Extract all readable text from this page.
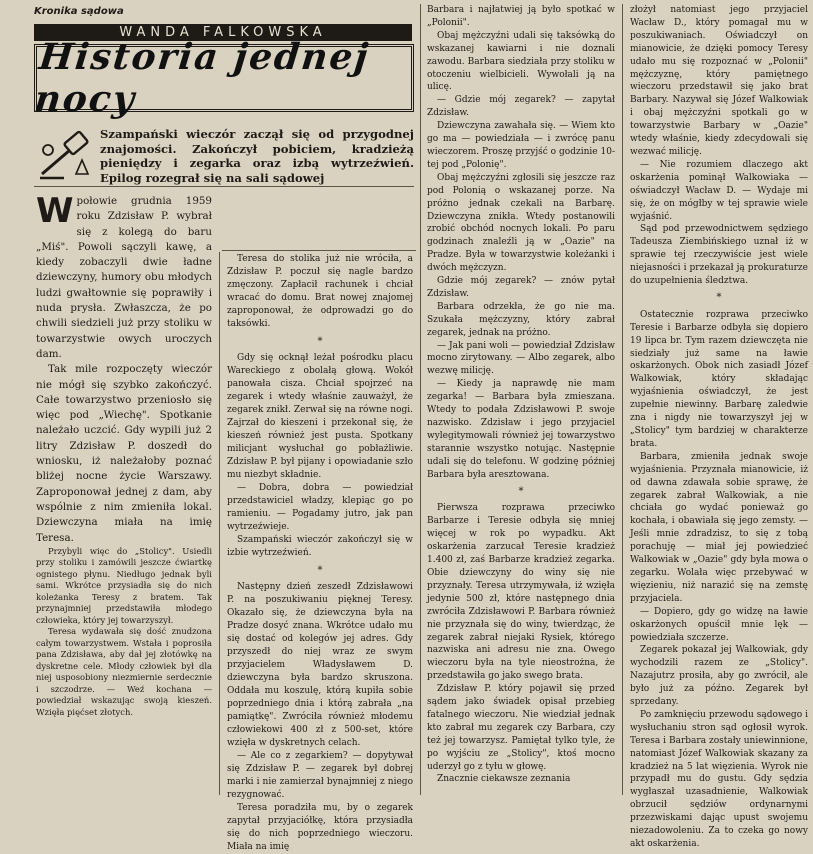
Kronika sądowa
WANDA FALKOWSKA
Historia jednej nocy
Szampański wieczór zaczął się od przygodnej znajomości. Zakończył pobiciem, kradzieżą pieniędzy i zegarka oraz izbą wytrzeźwień. Epilog rozegrał się na sali sądowej

Wpołowie grudnia 1959 roku Zdzisław P. wybrał się z kolegą do baru „Miś". Powoli sączyli kawę, a kiedy zobaczyli dwie ładne dziewczyny, humory obu młodych ludzi gwałtownie się poprawiły i nuda prysła. Zwłaszcza, że po chwili siedzieli już przy stoliku w towarzystwie owych uroczych dam.

Tak mile rozpoczęty wieczór nie mógł się szybko zakończyć. Całe towarzystwo przeniosło się więc pod „Wiechę". Spotkanie należało uczcić. Gdy wypili już 2 litry Zdzisław P. doszedł do wniosku, iż należałoby poznać bliżej nocne życie Warszawy. Zaproponował jednej z dam, aby wspólnie z nim zmieniła lokal. Dziewczyna miała na imię Teresa.

Przybyli więc do „Stolicy". Usiedli przy stoliku i zamówili jeszcze ćwiartkę ognistego płynu. Niedługo jednak byli sami. Wkrótce przysiadła się do nich koleżanka Teresy z bratem. Tak przynajmniej przedstawiła młodego człowieka, który jej towarzyszył.

Teresa wydawała się dość znudzona całym towarzystwem. Wstała i poprosiła pana Zdzisława, aby dał jej złotówkę na dyskretne cele. Młody człowiek był dla niej usposobiony niezmiernie serdecznie i szczodrze. — Weź kochana — powiedział wskazując swoją kieszeń. Wzięła pięćset złotych.

Teresa do stolika już nie wróciła, a Zdzisław P. poczuł się nagle bardzo zmęczony. Zapłacił rachunek i chciał wracać do domu. Brat nowej znajomej zaproponował, że odprowadzi go do taksówki.

*

Gdy się ocknął leżał pośrodku placu Wareckiego z obolałą głową. Wokół panowała cisza. Chciał spojrzeć na zegarek i wtedy właśnie zauważył, że zegarek znikł. Zerwał się na równe nogi. Zajrzał do kieszeni i przekonał się, że kieszeń również jest pusta. Spotkany milicjant wysłuchał go pobłażliwie. Zdzisław P. był pijany i opowiadanie szło mu niezbyt składnie.

— Dobra, dobra — powiedział przedstawiciel władzy, klepiąc go po ramieniu. — Pogadamy jutro, jak pan wytrzeźwieje.

Szampański wieczór zakończył się w izbie wytrzeźwień.

*

Następny dzień zeszedł Zdzisławowi P. na poszukiwaniu pięknej Teresy. Okazało się, że dziewczyna była na Pradze dosyć znana. Wkrótce udało mu się dostać od kolegów jej adres. Gdy przyszedł do niej wraz ze swym przyjacielem Władysławem D. dziewczyna była bardzo skruszona. Oddała mu koszulę, którą kupiła sobie poprzedniego dnia i którą zabrała „na pamiątkę". Zwróciła również młodemu człowiekowi 400 zł z 500-set, które wzięła w dyskretnych celach.

— Ale co z zegarkiem? — dopytywał się Zdzisław P. — zegarek był dobrej marki i nie zamierzał bynajmniej z niego rezygnować.

Teresa poradziła mu, by o zegarek zapytał przyjaciółkę, która przysiadła się do nich poprzedniego wieczoru. Miała na imię

Barbara i najłatwiej ją było spotkać w „Polonii".

Obaj mężczyźni udali się taksówką do wskazanej kawiarni i nie doznali zawodu. Barbara siedziała przy stoliku w otoczeniu wielbicieli. Wywołali ją na ulicę.

— Gdzie mój zegarek? — zapytał Zdzisław.

Dziewczyna zawahała się. — Wiem kto go ma — powiedziała — i zwrócę panu wieczorem. Proszę przyjść o godzinie 10-tej pod „Polonię".

Obaj mężczyźni zgłosili się jeszcze raz pod Polonią o wskazanej porze. Na próżno jednak czekali na Barbarę. Dziewczyna znikła. Wtedy postanowili zrobić obchód nocnych lokali. Po paru godzinach znaleźli ją w „Oazie" na Pradze. Była w towarzystwie koleżanki i dwóch mężczyzn.

Gdzie mój zegarek? — znów pytał Zdzisław.

Barbara odrzekła, że go nie ma. Szukała mężczyzny, który zabrał zegarek, jednak na próżno.

— Jak pani woli — powiedział Zdzisław mocno zirytowany. — Albo zegarek, albo wezwę milicję.

— Kiedy ja naprawdę nie mam zegarka! — Barbara była zmieszana. Wtedy to podała Zdzisławowi P. swoje nazwisko. Zdzisław i jego przyjaciel wylegitymowali również jej towarzystwo starannie wszystko notując. Następnie udali się do telefonu. W godzinę później Barbara była aresztowana.

*

Pierwsza rozprawa przeciwko Barbarze i Teresie odbyła się mniej więcej w rok po wypadku. Akt oskarżenia zarzucał Teresie kradzież 1.400 zł, zaś Barbarze kradzież zegarka. Obie dziewczyny do winy się nie przyznały. Teresa utrzymywała, iż wzięła jedynie 500 zł, które następnego dnia zwróciła Zdzisławowi P. Barbara również nie przyznała się do winy, twierdząc, że zegarek zabrał niejaki Rysiek, którego nazwiska ani adresu nie zna. Owego wieczoru była na tyle nieostrożna, że przedstawiła go jako swego brata.

Zdzisław P. który pojawił się przed sądem jako świadek opisał przebieg fatalnego wieczoru. Nie wiedział jednak kto zabrał mu zegarek czy Barbara, czy też jej towarzysz. Pamiętał tylko tyle, że po wyjściu ze „Stolicy", ktoś mocno uderzył go z tyłu w głowę.

Znacznie ciekawsze zeznania

złożył natomiast jego przyjaciel Wacław D., który pomagał mu w poszukiwaniach. Oświadczył on mianowicie, że dzięki pomocy Teresy udało mu się rozpoznać w „Polonii" mężczyznę, który pamiętnego wieczoru przedstawił się jako brat Barbary. Nazywał się Józef Walkowiak i obaj mężczyźni spotkali go w towarzystwie Barbary w „Oazie" wtedy właśnie, kiedy zdecydowali się wezwać milicję.

— Nie rozumiem dlaczego akt oskarżenia pominął Walkowiaka — oświadczył Wacław D. — Wydaje mi się, że on mógłby w tej sprawie wiele wyjaśnić.

Sąd pod przewodnictwem sędziego Tadeusza Ziembińskiego uznał iż w sprawie tej rzeczywiście jest wiele niejasności i przekazał ją prokuraturze do uzupełnienia śledztwa.

*

Ostatecznie rozprawa przeciwko Teresie i Barbarze odbyła się dopiero 19 lipca br. Tym razem dziewczęta nie siedziały już same na ławie oskarżonych. Obok nich zasiadł Józef Walkowiak, który składając wyjaśnienia oświadczył, że jest zupełnie niewinny. Barbarę zaledwie zna i nigdy nie towarzyszył jej w „Stolicy" tym bardziej w charakterze brata.

Barbara, zmieniła jednak swoje wyjaśnienia. Przyznała mianowicie, iż od dawna zdawała sobie sprawę, że zegarek zabrał Walkowiak, a nie chciała go wydać ponieważ go kochała, i obawiała się jego zemsty. — Jeśli mnie zdradzisz, to się z tobą porachuję — miał jej powiedzieć Walkowiak w „Oazie" gdy była mowa o zegarku. Wolała więc przebywać w więzieniu, niż narazić się na zemstę przyjaciela.

— Dopiero, gdy go widzę na ławie oskarżonych opuścił mnie lęk — powiedziała szczerze.

Zegarek pokazał jej Walkowiak, gdy wychodzili razem ze „Stolicy". Nazajutrz prosiła, aby go zwrócił, ale było już za późno. Zegarek był sprzedany.

Po zamknięciu przewodu sądowego i wysłuchaniu stron sąd ogłosił wyrok. Teresa i Barbara zostały uniewinnione, natomiast Józef Walkowiak skazany za kradzież na 5 lat więzienia. Wyrok nie przypadł mu do gustu. Gdy sędzia wygłaszał uzasadnienie, Walkowiak obrzucił sędziów ordynarnymi przezwiskami dając upust swojemu niezadowoleniu. Za to czeka go nowy akt oskarżenia.
